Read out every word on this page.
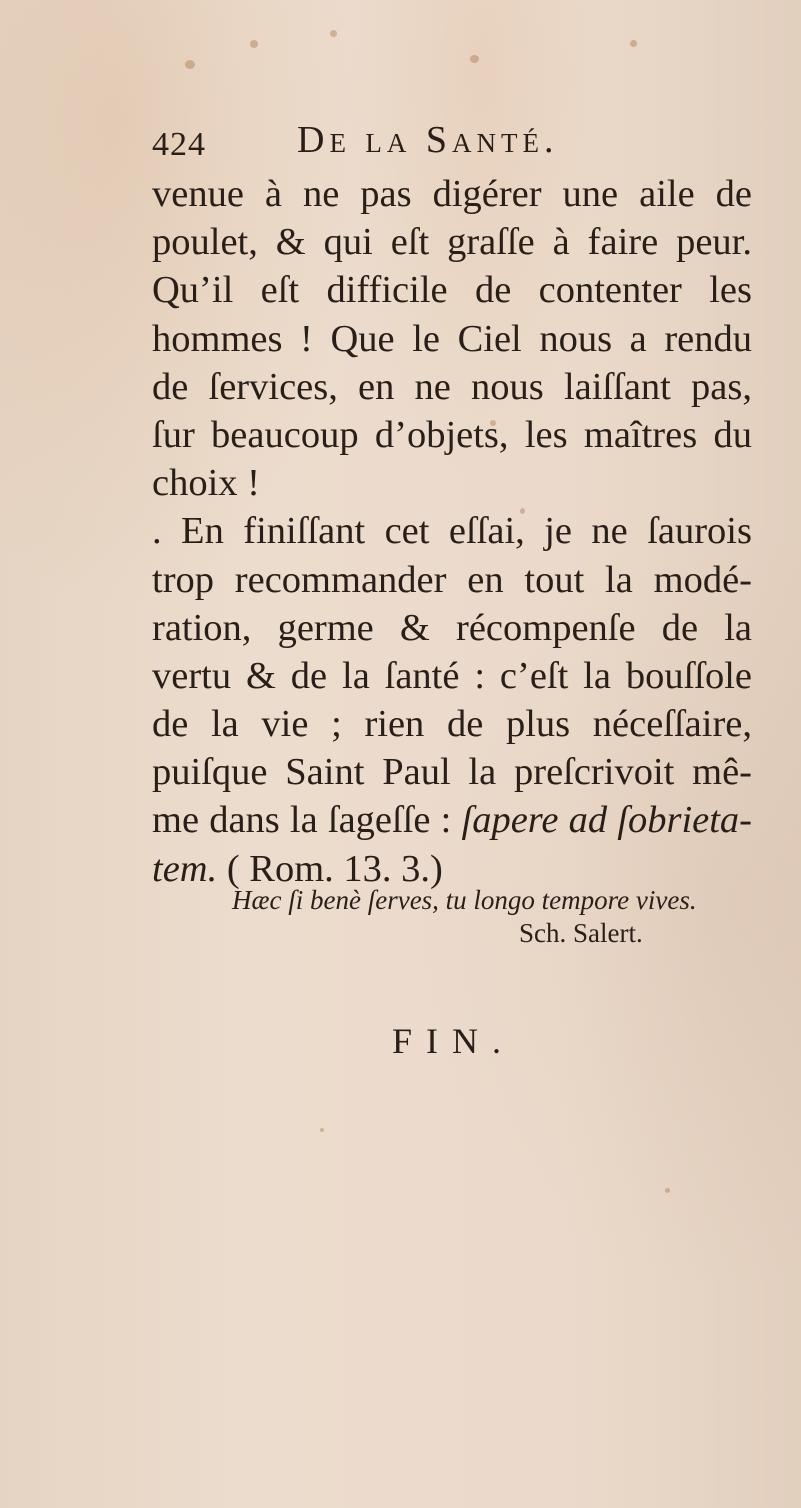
424 De la Santé.
venue à ne pas digérer une aile de
poulet, & qui eſt graſſe à faire peur.
Qu’il eſt difficile de contenter les
hommes ! Que le Ciel nous a rendu
de ſervices, en ne nous laiſſant pas,
ſur beaucoup d’objets, les maîtres du
choix !
. En finiſſant cet eſſai, je ne ſaurois
trop recommander en tout la modé-
ration, germe & récompenſe de la
vertu & de la ſanté : c’eſt la bouſſole
de la vie ; rien de plus néceſſaire,
puiſque Saint Paul la preſcrivoit mê-
me dans la ſageſſe : ſapere ad ſobrieta-
tem. ( Rom. 13. 3.)
Hæc ſi benè ſerves, tu longo tempore vives.
Sch. Salert.
FIN.
